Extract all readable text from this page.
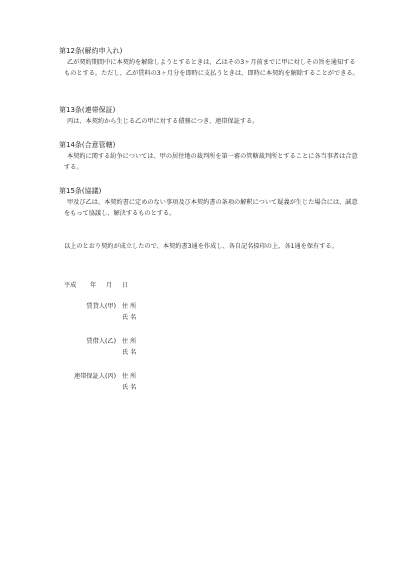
第12条(解約申入れ)
乙が契約期間中に本契約を解除しようとするときは、乙はその3ヶ月前までに甲に対しその旨を通知するものとする。ただし、乙が賃料の3ヶ月分を即時に支払うときは、即時に本契約を解除することができる。
第13条(連帯保証)
丙は、本契約から生じる乙の甲に対する債務につき、連帯保証する。
第14条(合意管轄)
本契約に関する紛争については、甲の居住地の裁判所を第一審の管轄裁判所とすることに各当事者は合意する。
第15条(協議)
甲及び乙は、本契約書に定めのない事項及び本契約書の条項の解釈について疑義が生じた場合には、誠意をもって協議し、解決するものとする。
以上のとおり契約が成立したので、本契約書3通を作成し、各自記名捺印の上、各1通を保有する。
平成 年 月 日
賃貸人(甲) 住 所
氏 名
賃借人(乙) 住 所
氏 名
連帯保証人(丙) 住 所
氏 名
